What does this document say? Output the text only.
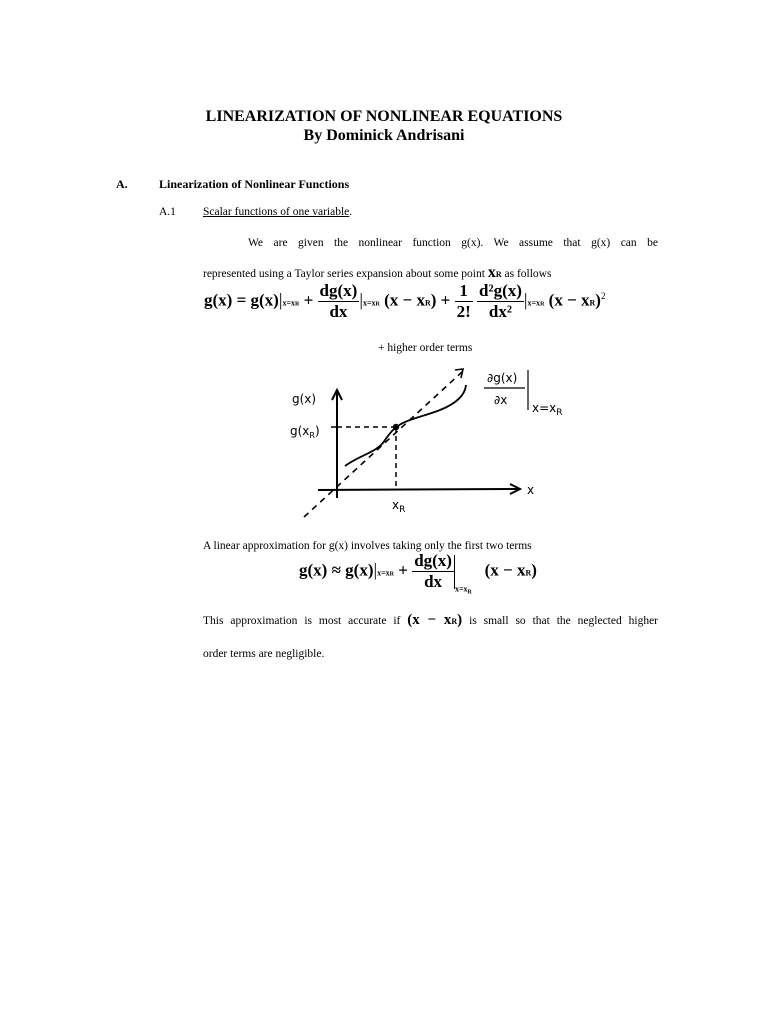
LINEARIZATION OF NONLINEAR EQUATIONS
By Dominick Andrisani
A.	Linearization of Nonlinear Functions
A.1 Scalar functions of one variable.
We are given the nonlinear function g(x). We assume that g(x) can be
represented using a Taylor series expansion about some point xR as follows
$g(x) = g(x)|x=xR + \frac{dg(x)}{dx} |x=xR$ $(x - xR) + \frac{1}{2!}$
$\frac{\text{d²g(x)}}{\text{dx²}} |x=xR$ (x − xR)$^2$
+ higher order terms
g(x)
$g(x_R)$
x
$x_R$
∂g(x)
∂x
$x=x_R$
A linear approximation for g(x) involves taking only the first two terms
$g(x) \approx g(x)|x=xR + \frac{dg(x)}{dx} _{x=xR}$   (x − xR)
This approximation is most accurate if (x − xR) is small so that the neglected higher
order terms are negligible.
